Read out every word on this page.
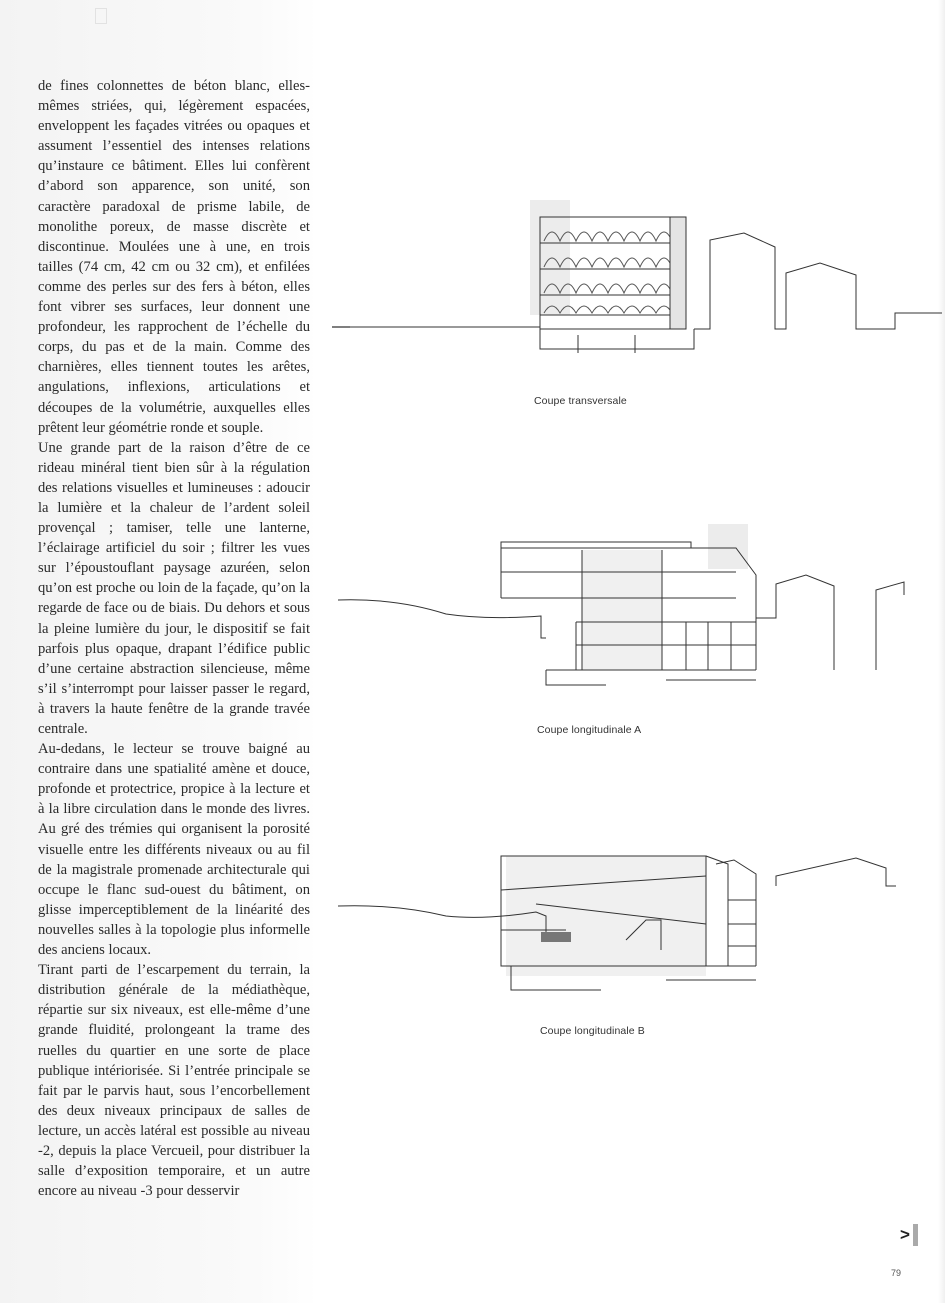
de fines colonnettes de béton blanc, elles-mêmes striées, qui, légèrement espacées, enveloppent les façades vitrées ou opaques et assument l’essentiel des intenses relations qu’instaure ce bâtiment. Elles lui confèrent d’abord son apparence, son unité, son caractère paradoxal de prisme labile, de monolithe poreux, de masse discrète et discontinue. Moulées une à une, en trois tailles (74 cm, 42 cm ou 32 cm), et enfilées comme des perles sur des fers à béton, elles font vibrer ses surfaces, leur donnent une profondeur, les rapprochent de l’échelle du corps, du pas et de la main. Comme des charnières, elles tiennent toutes les arêtes, angulations, inflexions, articulations et découpes de la volumétrie, auxquelles elles prêtent leur géométrie ronde et souple.

Une grande part de la raison d’être de ce rideau minéral tient bien sûr à la régulation des relations visuelles et lumineuses : adoucir la lumière et la chaleur de l’ardent soleil provençal ; tamiser, telle une lanterne, l’éclairage artificiel du soir ; filtrer les vues sur l’époustouflant paysage azuréen, selon qu’on est proche ou loin de la façade, qu’on la regarde de face ou de biais. Du dehors et sous la pleine lumière du jour, le dispositif se fait parfois plus opaque, drapant l’édifice public d’une certaine abstraction silencieuse, même s’il s’interrompt pour laisser passer le regard, à travers la haute fenêtre de la grande travée centrale.

Au-dedans, le lecteur se trouve baigné au contraire dans une spatialité amène et douce, profonde et protectrice, propice à la lecture et à la libre circulation dans le monde des livres. Au gré des trémies qui organisent la porosité visuelle entre les différents niveaux ou au fil de la magistrale promenade architecturale qui occupe le flanc sud-ouest du bâtiment, on glisse imperceptiblement de la linéarité des nouvelles salles à la topologie plus informelle des anciens locaux.

Tirant parti de l’escarpement du terrain, la distribution générale de la médiathèque, répartie sur six niveaux, est elle-même d’une grande fluidité, prolongeant la trame des ruelles du quartier en une sorte de place publique intériorisée. Si l’entrée principale se fait par le parvis haut, sous l’encorbellement des deux niveaux principaux de salles de lecture, un accès latéral est possible au niveau -2, depuis la place Vercueil, pour distribuer la salle d’exposition temporaire, et un autre encore au niveau -3 pour desservir

Coupe transversale
Coupe longitudinale A
Coupe longitudinale B
>
79
